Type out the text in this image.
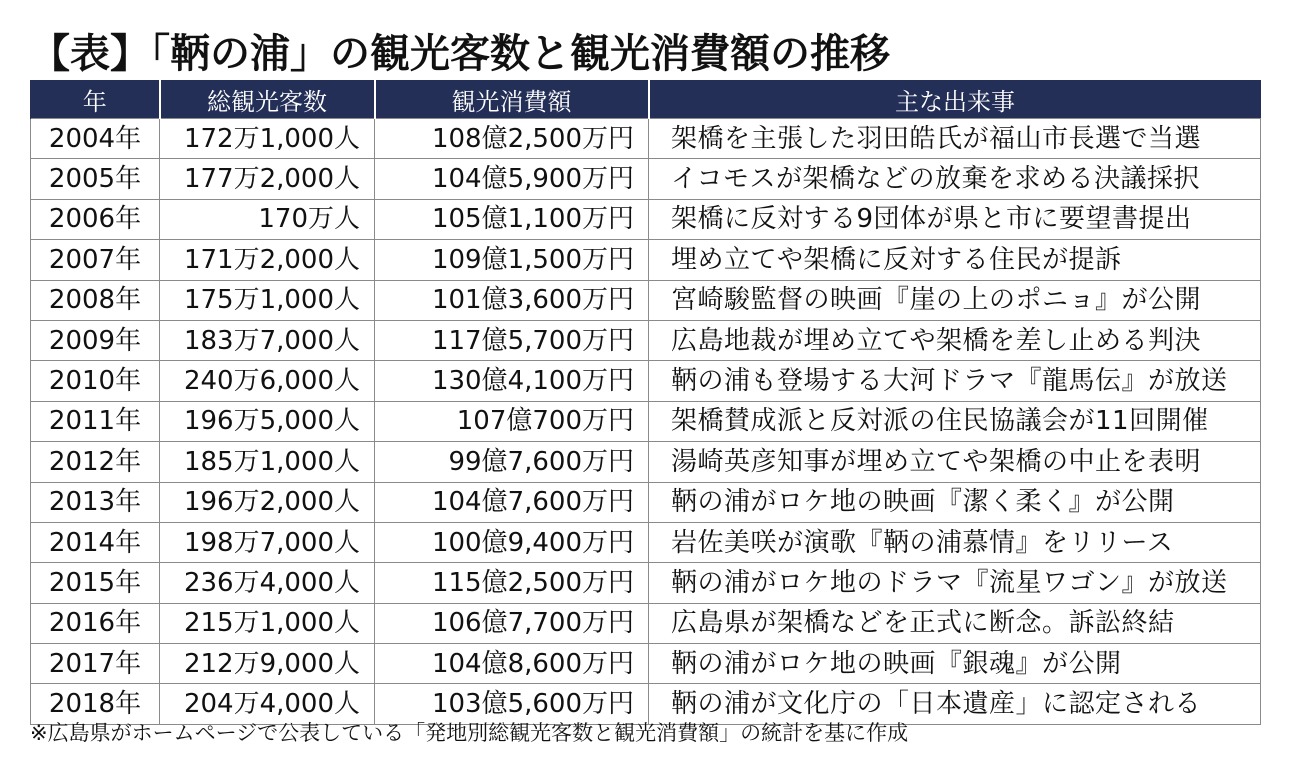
【表】「鞆の浦」の観光客数と観光消費額の推移
年	総観光客数	観光消費額	主な出来事
2004年	172万1,000人	108億2,500万円	架橋を主張した羽田皓氏が福山市長選で当選
2005年	177万2,000人	104億5,900万円	イコモスが架橋などの放棄を求める決議採択
2006年	170万人	105億1,100万円	架橋に反対する9団体が県と市に要望書提出
2007年	171万2,000人	109億1,500万円	埋め立てや架橋に反対する住民が提訴
2008年	175万1,000人	101億3,600万円	宮崎駿監督の映画『崖の上のポニョ』が公開
2009年	183万7,000人	117億5,700万円	広島地裁が埋め立てや架橋を差し止める判決
2010年	240万6,000人	130億4,100万円	鞆の浦も登場する大河ドラマ『龍馬伝』が放送
2011年	196万5,000人	107億700万円	架橋賛成派と反対派の住民協議会が11回開催
2012年	185万1,000人	99億7,600万円	湯崎英彦知事が埋め立てや架橋の中止を表明
2013年	196万2,000人	104億7,600万円	鞆の浦がロケ地の映画『潔く柔く』が公開
2014年	198万7,000人	100億9,400万円	岩佐美咲が演歌『鞆の浦慕情』をリリース
2015年	236万4,000人	115億2,500万円	鞆の浦がロケ地のドラマ『流星ワゴン』が放送
2016年	215万1,000人	106億7,700万円	広島県が架橋などを正式に断念。訴訟終結
2017年	212万9,000人	104億8,600万円	鞆の浦がロケ地の映画『銀魂』が公開
2018年	204万4,000人	103億5,600万円	鞆の浦が文化庁の「日本遺産」に認定される
※広島県がホームページで公表している「発地別総観光客数と観光消費額」の統計を基に作成
